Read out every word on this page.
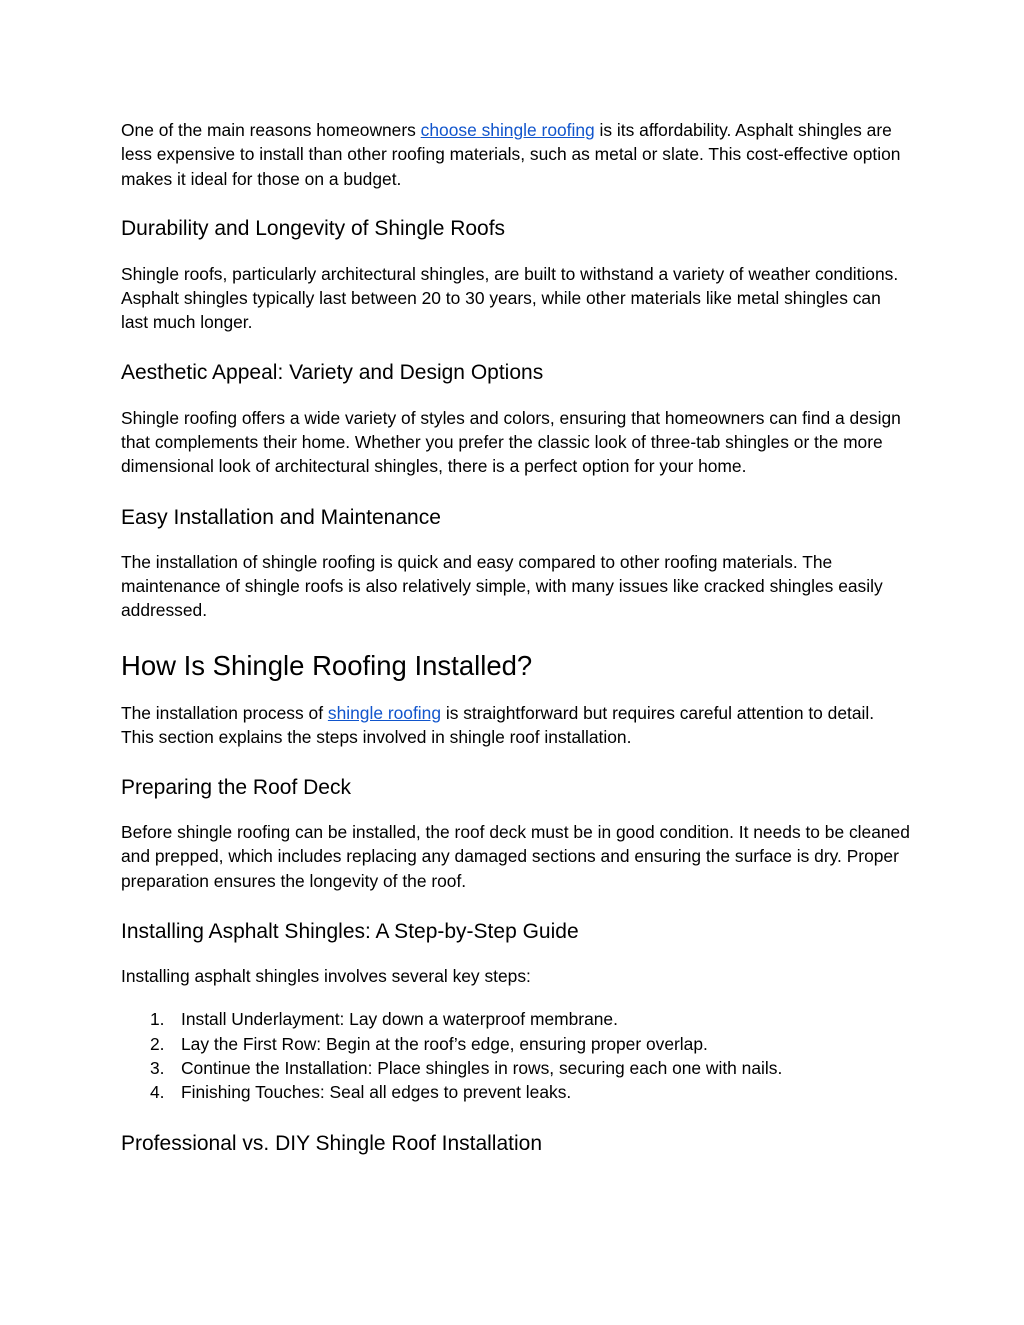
One of the main reasons homeowners choose shingle roofing is its affordability. Asphalt shingles are less expensive to install than other roofing materials, such as metal or slate. This cost-effective option makes it ideal for those on a budget.

Durability and Longevity of Shingle Roofs

Shingle roofs, particularly architectural shingles, are built to withstand a variety of weather conditions. Asphalt shingles typically last between 20 to 30 years, while other materials like metal shingles can last much longer.

Aesthetic Appeal: Variety and Design Options

Shingle roofing offers a wide variety of styles and colors, ensuring that homeowners can find a design that complements their home. Whether you prefer the classic look of three-tab shingles or the more dimensional look of architectural shingles, there is a perfect option for your home.

Easy Installation and Maintenance

The installation of shingle roofing is quick and easy compared to other roofing materials. The maintenance of shingle roofs is also relatively simple, with many issues like cracked shingles easily addressed.

How Is Shingle Roofing Installed?

The installation process of shingle roofing is straightforward but requires careful attention to detail. This section explains the steps involved in shingle roof installation.

Preparing the Roof Deck

Before shingle roofing can be installed, the roof deck must be in good condition. It needs to be cleaned and prepped, which includes replacing any damaged sections and ensuring the surface is dry. Proper preparation ensures the longevity of the roof.

Installing Asphalt Shingles: A Step-by-Step Guide

Installing asphalt shingles involves several key steps:

1. Install Underlayment: Lay down a waterproof membrane.
2. Lay the First Row: Begin at the roof’s edge, ensuring proper overlap.
3. Continue the Installation: Place shingles in rows, securing each one with nails.
4. Finishing Touches: Seal all edges to prevent leaks.
Professional vs. DIY Shingle Roof Installation
